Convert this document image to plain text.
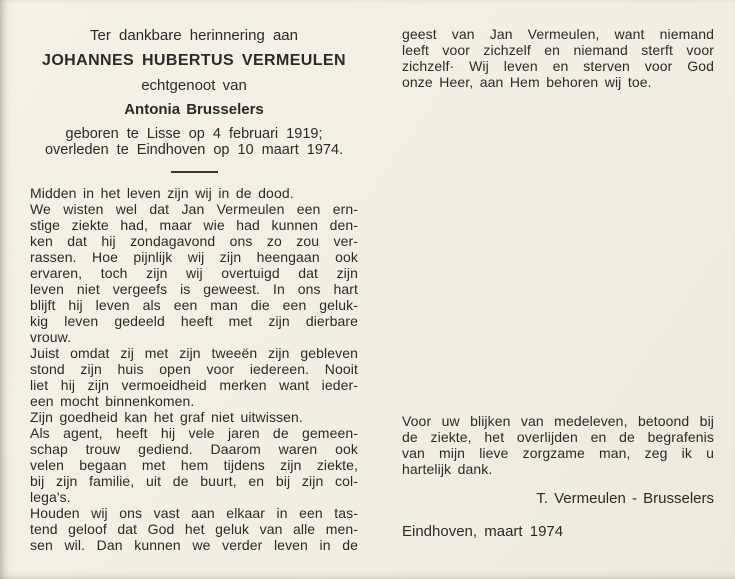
Ter dankbare herinnering aan
JOHANNES HUBERTUS VERMEULEN
echtgenoot van
Antonia Brusselers
geboren te Lisse op 4 februari 1919;
overleden te Eindhoven op 10 maart 1974.
Midden in het leven zijn wij in de dood.
We wisten wel dat Jan Vermeulen een ern-
stige ziekte had, maar wie had kunnen den-
ken dat hij zondagavond ons zo zou ver-
rassen. Hoe pijnlijk wij zijn heengaan ook
ervaren, toch zijn wij overtuigd dat zijn
leven niet vergeefs is geweest. In ons hart
blijft hij leven als een man die een geluk-
kig leven gedeeld heeft met zijn dierbare
vrouw.
Juist omdat zij met zijn tweeën zijn gebleven
stond zijn huis open voor iedereen. Nooit
liet hij zijn vermoeidheid merken want ieder-
een mocht binnenkomen.
Zijn goedheid kan het graf niet uitwissen.
Als agent, heeft hij vele jaren de gemeen-
schap trouw gediend. Daarom waren ook
velen begaan met hem tijdens zijn ziekte,
bij zijn familie, uit de buurt, en bij zijn col-
lega's.
Houden wij ons vast aan elkaar in een tas-
tend geloof dat God het geluk van alle men-
sen wil. Dan kunnen we verder leven in de
geest van Jan Vermeulen, want niemand
leeft voor zichzelf en niemand sterft voor
zichzelf· Wij leven en sterven voor God
onze Heer, aan Hem behoren wij toe.
Voor uw blijken van medeleven, betoond bij
de ziekte, het overlijden en de begrafenis
van mijn lieve zorgzame man, zeg ik u
hartelijk dank.
T. Vermeulen - Brusselers
Eindhoven, maart 1974
